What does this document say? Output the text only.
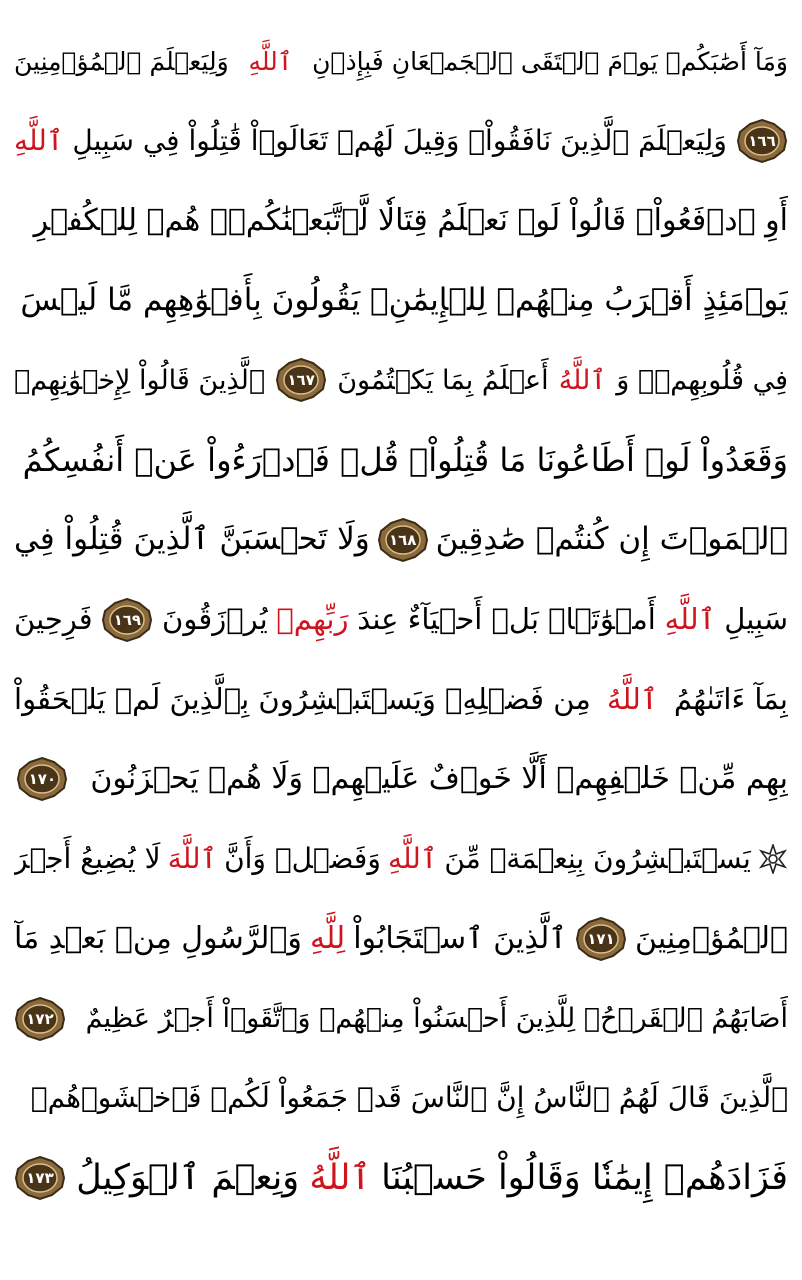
وَمَآ أَصَٰبَكُمۡ يَوۡمَ ٱلۡتَقَى ٱلۡجَمۡعَانِ فَبِإِذۡنِ
ٱللَّهِ
وَلِيَعۡلَمَ ٱلۡمُؤۡمِنِينَ
١٦٦
وَلِيَعۡلَمَ ٱلَّذِينَ نَافَقُواْۚ وَقِيلَ لَهُمۡ تَعَالَوۡاْ قَٰتِلُواْ فِي سَبِيلِ
ٱللَّهِ
أَوِ ٱدۡفَعُواْۖ قَالُواْ لَوۡ نَعۡلَمُ قِتَالٗا لَّٱتَّبَعۡنَٰكُمۡۗ هُمۡ لِلۡكُفۡرِ
يَوۡمَئِذٍ أَقۡرَبُ مِنۡهُمۡ لِلۡإِيمَٰنِۚ يَقُولُونَ بِأَفۡوَٰهِهِم مَّا لَيۡسَ
فِي قُلُوبِهِمۡۗ وَ
ٱللَّهُ
أَعۡلَمُ بِمَا يَكۡتُمُونَ
١٦٧
ٱلَّذِينَ قَالُواْ لِإِخۡوَٰنِهِمۡ
وَقَعَدُواْ لَوۡ أَطَاعُونَا مَا قُتِلُواْۗ قُلۡ فَٱدۡرَءُواْ عَنۡ أَنفُسِكُمُ
ٱلۡمَوۡتَ إِن كُنتُمۡ صَٰدِقِينَ
١٦٨
وَلَا تَحۡسَبَنَّ ٱلَّذِينَ قُتِلُواْ فِي
سَبِيلِ
ٱللَّهِ
أَمۡوَٰتَۢاۚ بَلۡ أَحۡيَآءٌ عِندَ
رَبِّهِمۡ
يُرۡزَقُونَ
١٦٩
فَرِحِينَ
بِمَآ ءَاتَىٰهُمُ
ٱللَّهُ
مِن فَضۡلِهِۦ وَيَسۡتَبۡشِرُونَ بِٱلَّذِينَ لَمۡ يَلۡحَقُواْ
بِهِم مِّنۡ خَلۡفِهِمۡ أَلَّا خَوۡفٌ عَلَيۡهِمۡ وَلَا هُمۡ يَحۡزَنُونَ
١٧٠
يَسۡتَبۡشِرُونَ بِنِعۡمَةٖ مِّنَ
ٱللَّهِ
وَفَضۡلٖ وَأَنَّ
ٱللَّهَ
لَا يُضِيعُ أَجۡرَ
ٱلۡمُؤۡمِنِينَ
١٧١
ٱلَّذِينَ ٱسۡتَجَابُواْ
لِلَّهِ
وَٱلرَّسُولِ مِنۢ بَعۡدِ مَآ
أَصَابَهُمُ ٱلۡقَرۡحُۚ لِلَّذِينَ أَحۡسَنُواْ مِنۡهُمۡ وَٱتَّقَوۡاْ أَجۡرٌ عَظِيمٌ
١٧٢
ٱلَّذِينَ قَالَ لَهُمُ ٱلنَّاسُ إِنَّ ٱلنَّاسَ قَدۡ جَمَعُواْ لَكُمۡ فَٱخۡشَوۡهُمۡ
فَزَادَهُمۡ إِيمَٰنٗا وَقَالُواْ حَسۡبُنَا
ٱللَّهُ
وَنِعۡمَ ٱلۡوَكِيلُ
١٧٣
